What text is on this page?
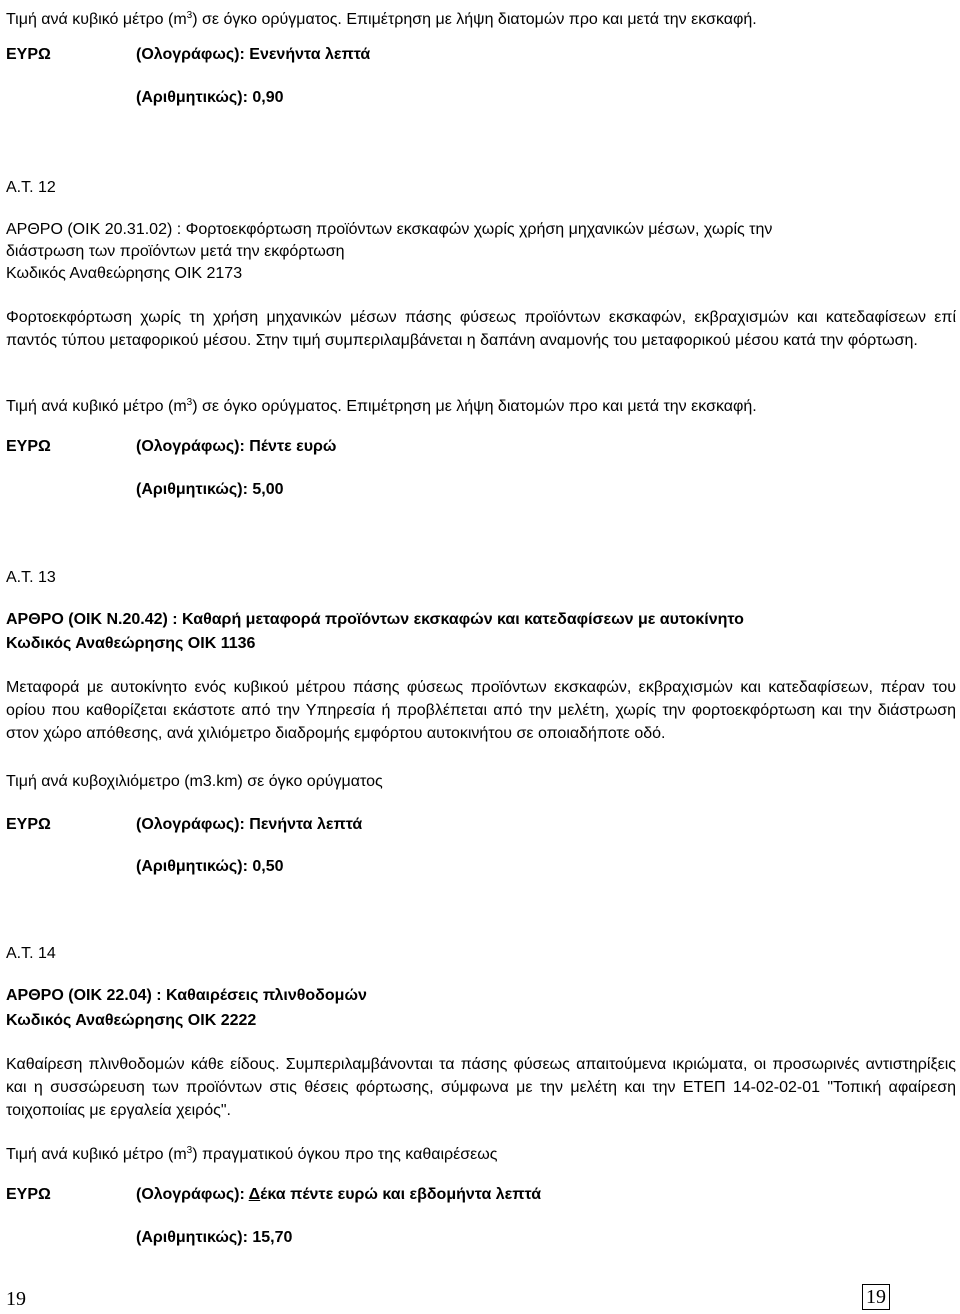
Τιμή ανά κυβικό μέτρο $(m^3)$ σε όγκο ορύγματος. Επιμέτρηση με λήψη διατομών προ και μετά την εκσκαφή.
ΕΥΡΩ	(Ολογράφως): Ενενήντα λεπτά
(Αριθμητικώς): 0,90
Α.Τ. 12
ΑΡΘΡΟ (ΟΙΚ 20.31.02) : Φορτοεκφόρτωση προϊόντων εκσκαφών χωρίς χρήση μηχανικών μέσων, χωρίς την
διάστρωση των προϊόντων μετά την εκφόρτωση
Κωδικός Αναθεώρησης ΟΙΚ 2173
Φορτοεκφόρτωση χωρίς τη χρήση μηχανικών μέσων πάσης φύσεως προϊόντων εκσκαφών, εκβραχισμών και κατεδαφίσεων επί παντός τύπου μεταφορικού μέσου. Στην τιμή συμπεριλαμβάνεται η δαπάνη αναμονής του μεταφορικού μέσου κατά την φόρτωση.
Τιμή ανά κυβικό μέτρο $(m^3)$ σε όγκο ορύγματος. Επιμέτρηση με λήψη διατομών προ και μετά την εκσκαφή.
ΕΥΡΩ	(Ολογράφως): Πέντε ευρώ
(Αριθμητικώς): 5,00
Α.Τ. 13
ΑΡΘΡΟ (ΟΙΚ Ν.20.42) : Καθαρή μεταφορά προϊόντων εκσκαφών και κατεδαφίσεων με αυτοκίνητο
Κωδικός Αναθεώρησης ΟΙΚ 1136
Μεταφορά με αυτοκίνητο ενός κυβικού μέτρου πάσης φύσεως προϊόντων εκσκαφών, εκβραχισμών και κατεδαφίσεων, πέραν του ορίου που καθορίζεται εκάστοτε από την Υπηρεσία ή προβλέπεται από την μελέτη, χωρίς την φορτοεκφόρτωση και την διάστρωση στον χώρο απόθεσης, ανά χιλιόμετρο διαδρομής εμφόρτου αυτοκινήτου σε οποιαδήποτε οδό.
Τιμή ανά κυβοχιλιόμετρο (m3.km) σε όγκο ορύγματος
ΕΥΡΩ	(Ολογράφως): Πενήντα λεπτά
(Αριθμητικώς): 0,50
Α.Τ. 14
ΑΡΘΡΟ (ΟΙΚ 22.04) : Καθαιρέσεις πλινθοδομών
Κωδικός Αναθεώρησης ΟΙΚ 2222
Καθαίρεση πλινθοδομών κάθε είδους. Συμπεριλαμβάνονται τα πάσης φύσεως απαιτούμενα ικριώματα, οι προσωρινές αντιστηρίξεις και η συσσώρευση των προϊόντων στις θέσεις φόρτωσης, σύμφωνα με την μελέτη και την ΕΤΕΠ 14-02-02-01 "Τοπική αφαίρεση τοιχοποιίας με εργαλεία χειρός".
Τιμή ανά κυβικό μέτρο $(m^3)$ πραγματικού όγκου προ της καθαιρέσεως
ΕΥΡΩ	(Ολογράφως): Δέκα πέντε ευρώ και εβδομήντα λεπτά
(Αριθμητικώς): 15,70
19	19
